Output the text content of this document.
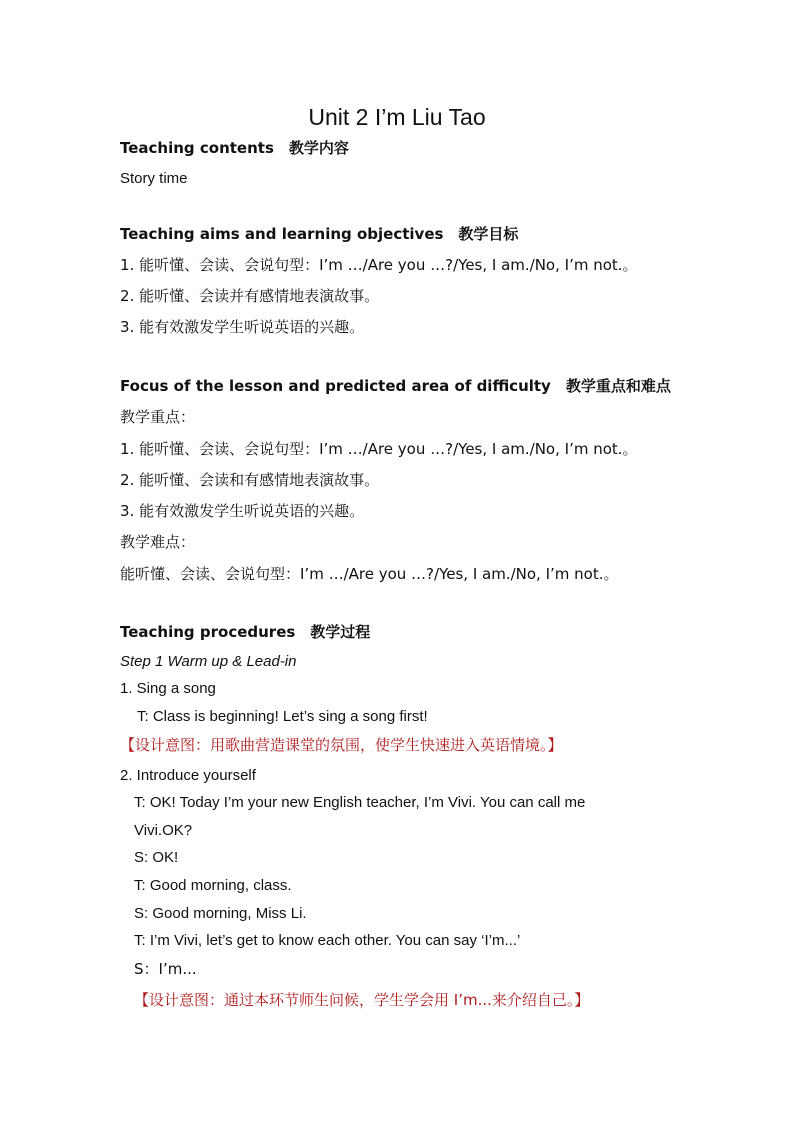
Unit 2 I’m Liu Tao
Teaching contents　教学内容
Story time
Teaching aims and learning objectives　教学目标
1. 能听懂、会读、会说句型：I’m …/Are you …?/Yes, I am./No, I’m not.。
2. 能听懂、会读并有感情地表演故事。
3. 能有效激发学生听说英语的兴趣。
Focus of the lesson and predicted area of difficulty　教学重点和难点
教学重点：
1. 能听懂、会读、会说句型：I’m …/Are you …?/Yes, I am./No, I’m not.。
2. 能听懂、会读和有感情地表演故事。
3. 能有效激发学生听说英语的兴趣。
教学难点：
能听懂、会读、会说句型：I’m …/Are you …?/Yes, I am./No, I’m not.。
Teaching procedures　教学过程
Step 1 Warm up & Lead-in
1. Sing a song
T: Class is beginning! Let’s sing a song first!
【设计意图：用歌曲营造课堂的氛围，使学生快速进入英语情境。】
2. Introduce yourself
T: OK! Today I’m your new English teacher, I’m Vivi. You can call me
Vivi.OK?
S: OK!
T: Good morning, class.
S: Good morning, Miss Li.
T: I’m Vivi, let’s get to know each other. You can say ‘I’m...’
S：I’m...
【设计意图：通过本环节师生问候，学生学会用 I’m...来介绍自己。】
